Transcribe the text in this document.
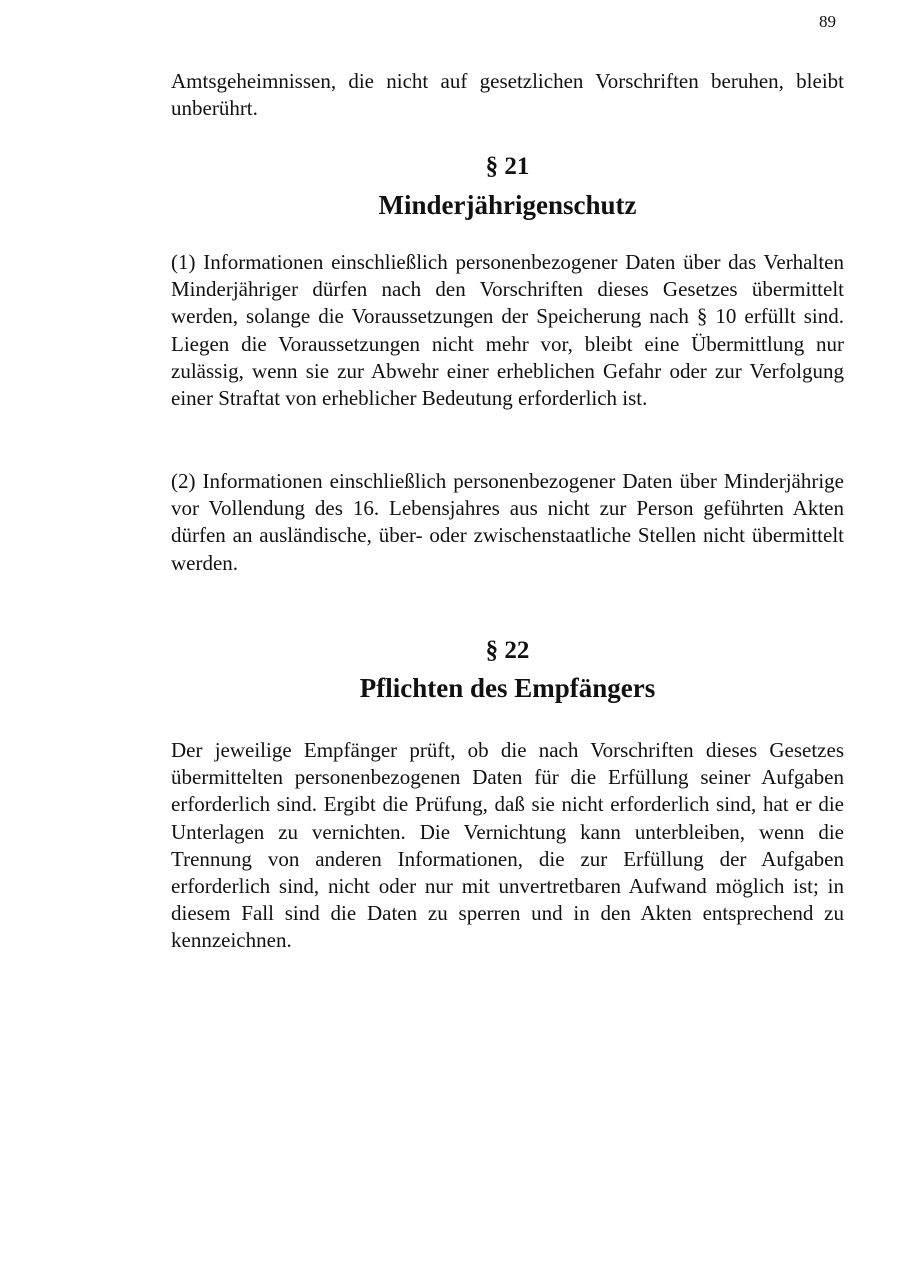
89

Amtsgeheimnissen, die nicht auf gesetzlichen Vorschriften beruhen, bleibt unberührt.

§ 21
Minderjährigenschutz

(1) Informationen einschließlich personenbezogener Daten über das Verhalten Minderjähriger dürfen nach den Vorschriften dieses Gesetzes übermittelt werden, solange die Voraussetzungen der Speicherung nach § 10 erfüllt sind. Liegen die Voraussetzungen nicht mehr vor, bleibt eine Übermittlung nur zulässig, wenn sie zur Abwehr einer erheblichen Gefahr oder zur Verfolgung einer Straftat von erheblicher Bedeutung erforderlich ist.

(2) Informationen einschließlich personenbezogener Daten über Minderjährige vor Vollendung des 16. Lebensjahres aus nicht zur Person geführten Akten dürfen an ausländische, über- oder zwischenstaatliche Stellen nicht übermittelt werden.

§ 22
Pflichten des Empfängers

Der jeweilige Empfänger prüft, ob die nach Vorschriften dieses Gesetzes übermittelten personenbezogenen Daten für die Erfüllung seiner Aufgaben erforderlich sind. Ergibt die Prüfung, daß sie nicht erforderlich sind, hat er die Unterlagen zu vernichten. Die Vernichtung kann unterbleiben, wenn die Trennung von anderen Informationen, die zur Erfüllung der Aufgaben erforderlich sind, nicht oder nur mit unvertretbaren Aufwand möglich ist; in diesem Fall sind die Daten zu sperren und in den Akten entsprechend zu kennzeichnen.
